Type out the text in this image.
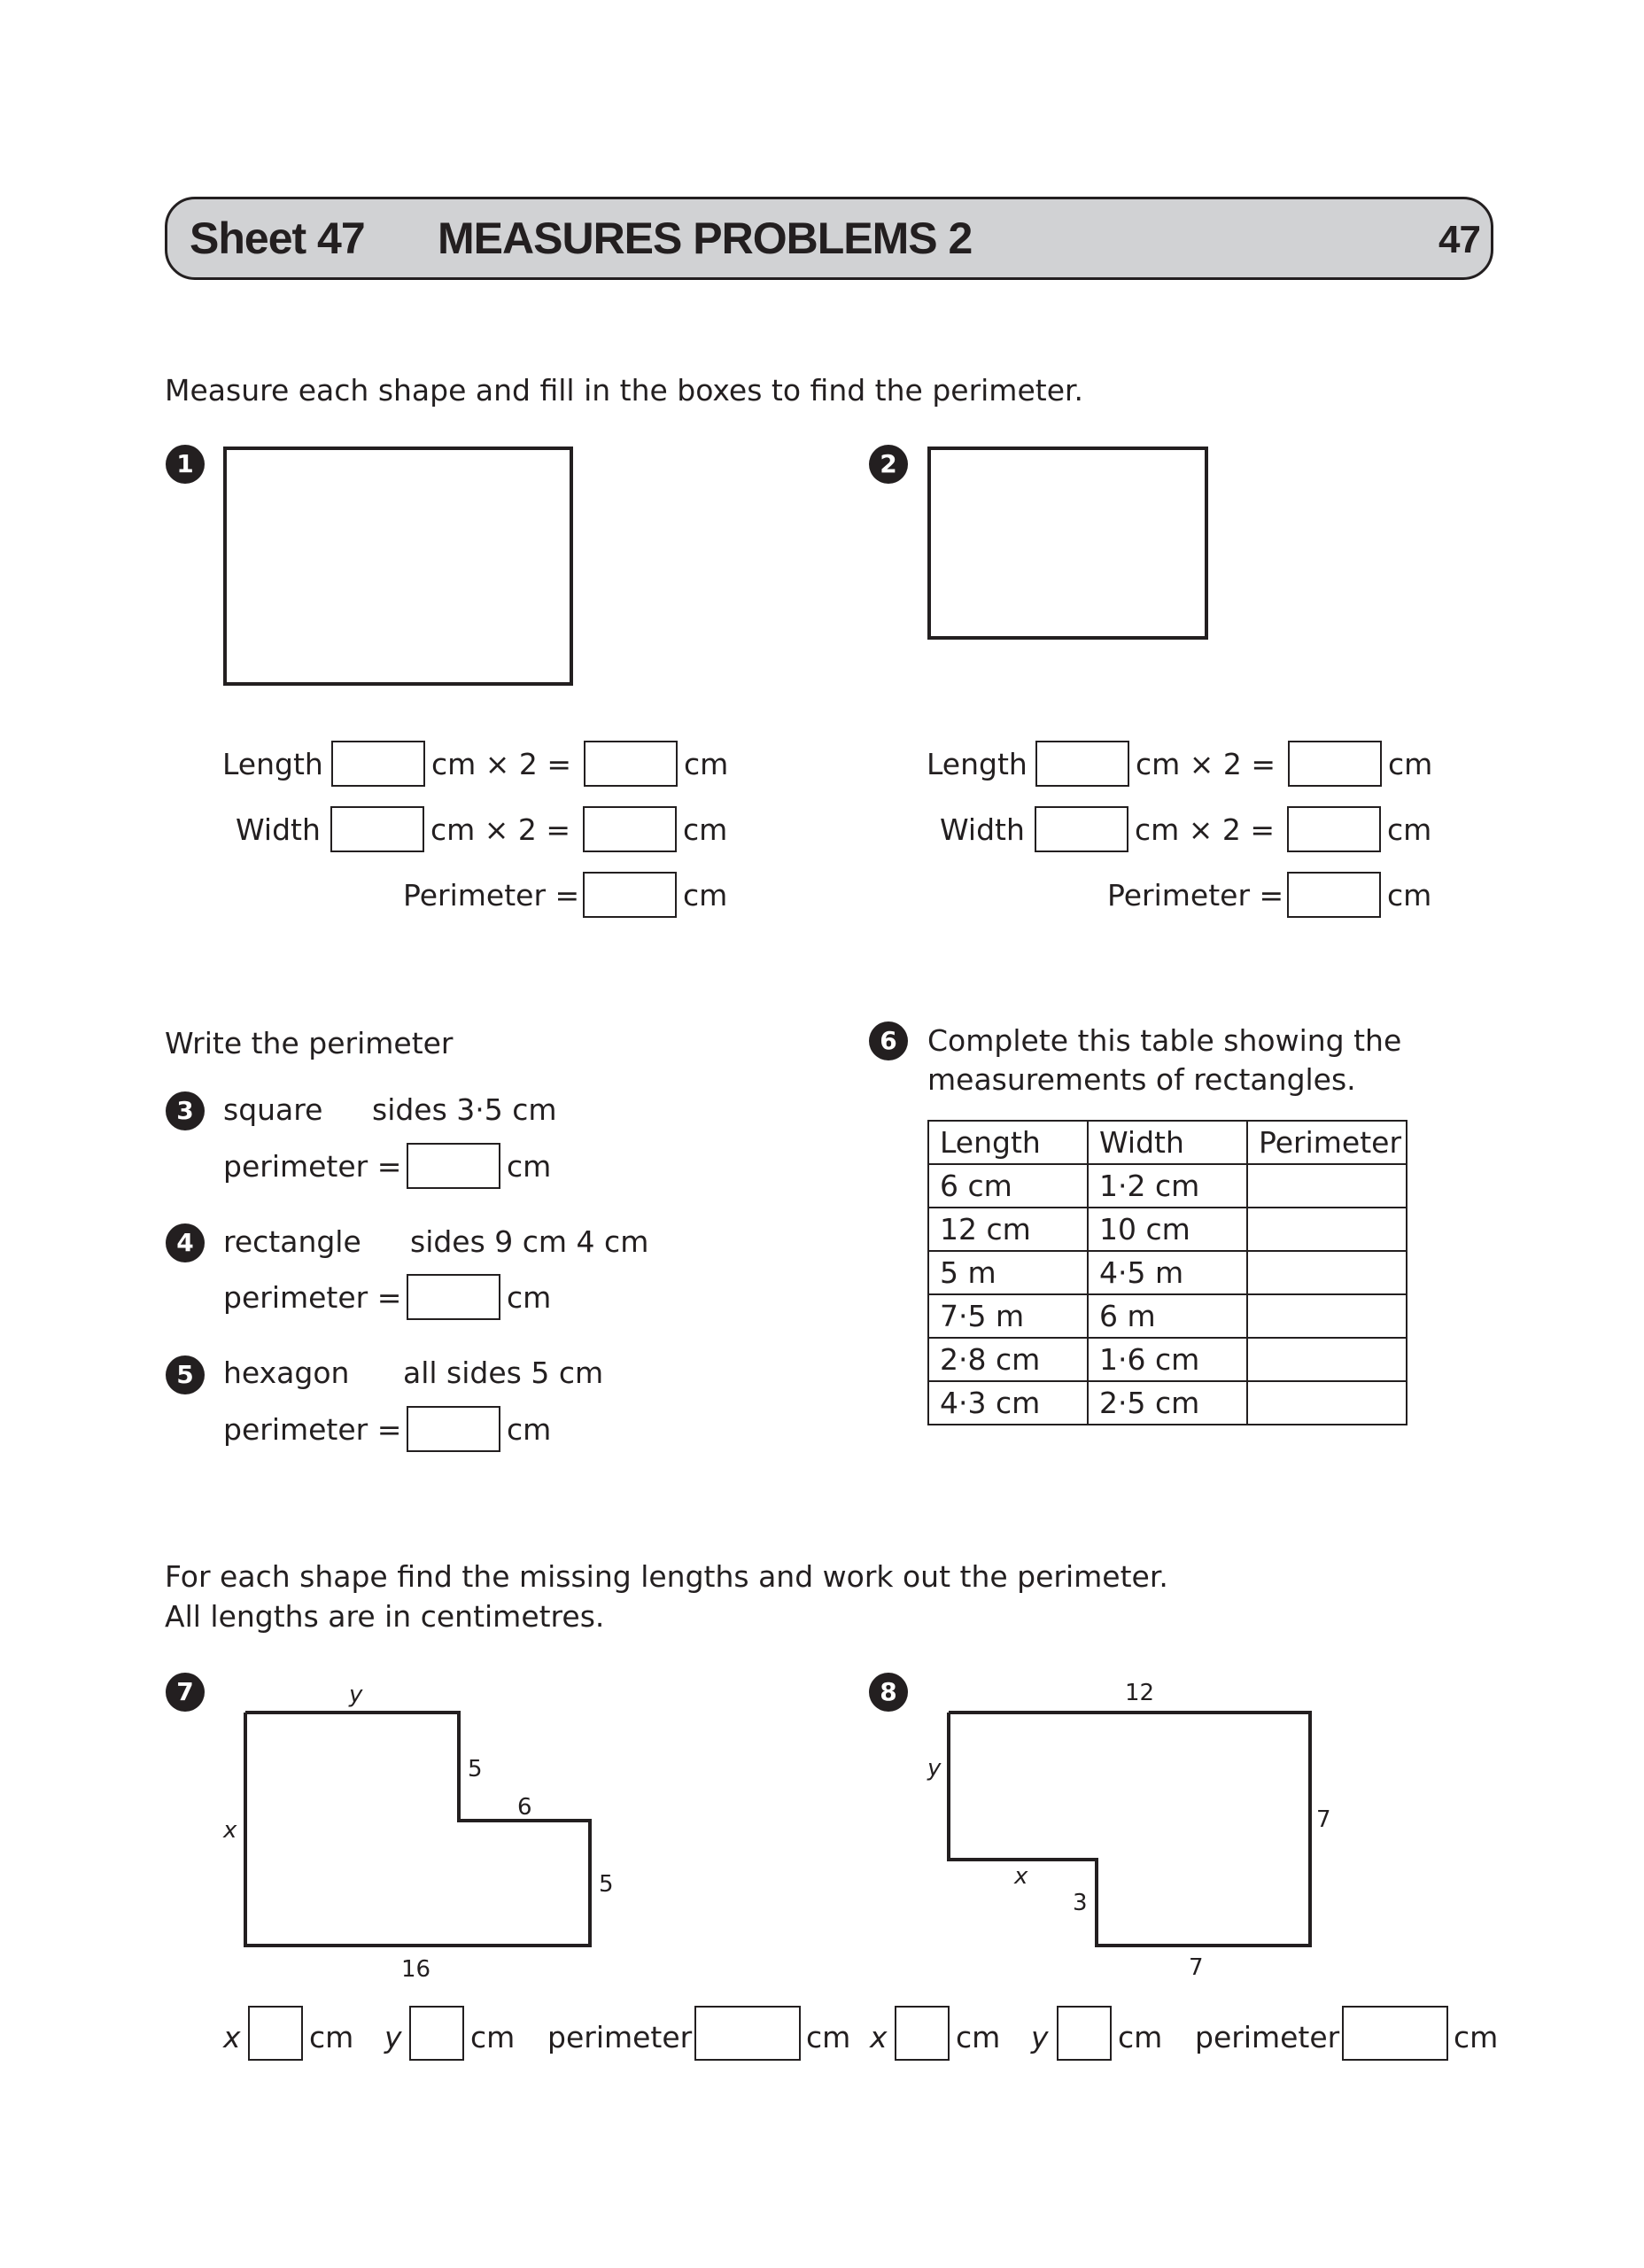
Sheet 47 MEASURES PROBLEMS 2	47
Measure each shape and fill in the boxes to find the perimeter.
1
Length	cm × 2 =	cm
Width	cm × 2 =	cm
Perimeter =	cm
2
Length	cm × 2 =	cm
Width	cm × 2 =	cm
Perimeter =	cm
Write the perimeter
3	square sides 3·5 cm
perimeter =	cm
4	rectangle sides 9 cm 4 cm
perimeter =	cm
5	hexagon all sides 5 cm
perimeter =	cm
6	Complete this table showing the
measurements of rectangles.
Length	Width	Perimeter
6 cm	1·2 cm	
12 cm	10 cm	
5 m	4·5 m	
7·5 m	6 m	
2·8 cm	1·6 cm	
4·3 cm	2·5 cm	
For each shape find the missing lengths and work out the perimeter.
All lengths are in centimetres.
7	y
x
5
6
5
16
8	12
y
x
3
7
7
x cm y cm perimeter	cm x cm y cm perimeter	cm
